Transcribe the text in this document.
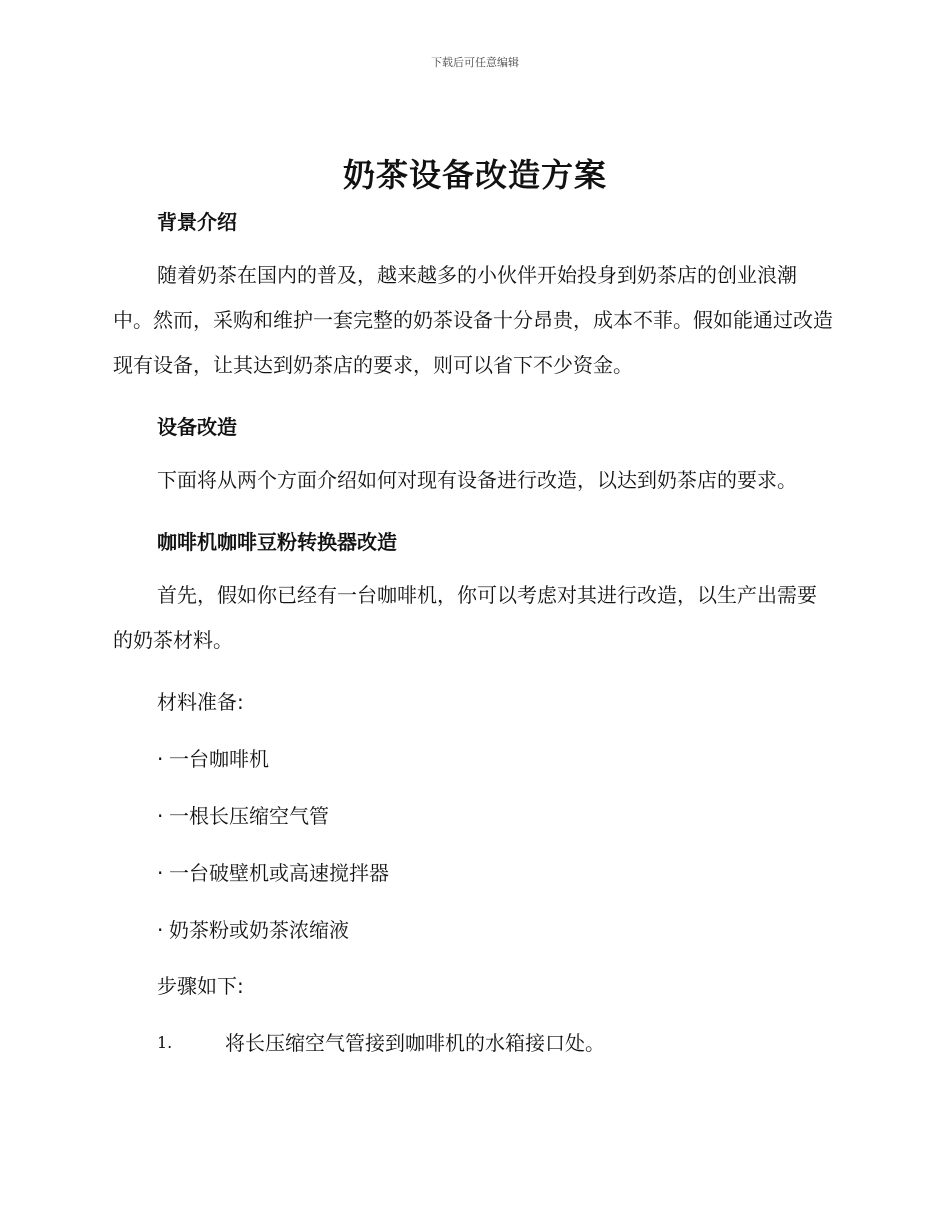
下载后可任意编辑
奶茶设备改造方案
背景介绍

随着奶茶在国内的普及，越来越多的小伙伴开始投身到奶茶店的创业浪潮中。然而，采购和维护一套完整的奶茶设备十分昂贵，成本不菲。假如能通过改造现有设备，让其达到奶茶店的要求，则可以省下不少资金。

设备改造

下面将从两个方面介绍如何对现有设备进行改造，以达到奶茶店的要求。

咖啡机咖啡豆粉转换器改造

首先，假如你已经有一台咖啡机，你可以考虑对其进行改造，以生产出需要的奶茶材料。

材料准备:
· 一台咖啡机
· 一根长压缩空气管
· 一台破壁机或高速搅拌器
· 奶茶粉或奶茶浓缩液
步骤如下:
1.	将长压缩空气管接到咖啡机的水箱接口处。
